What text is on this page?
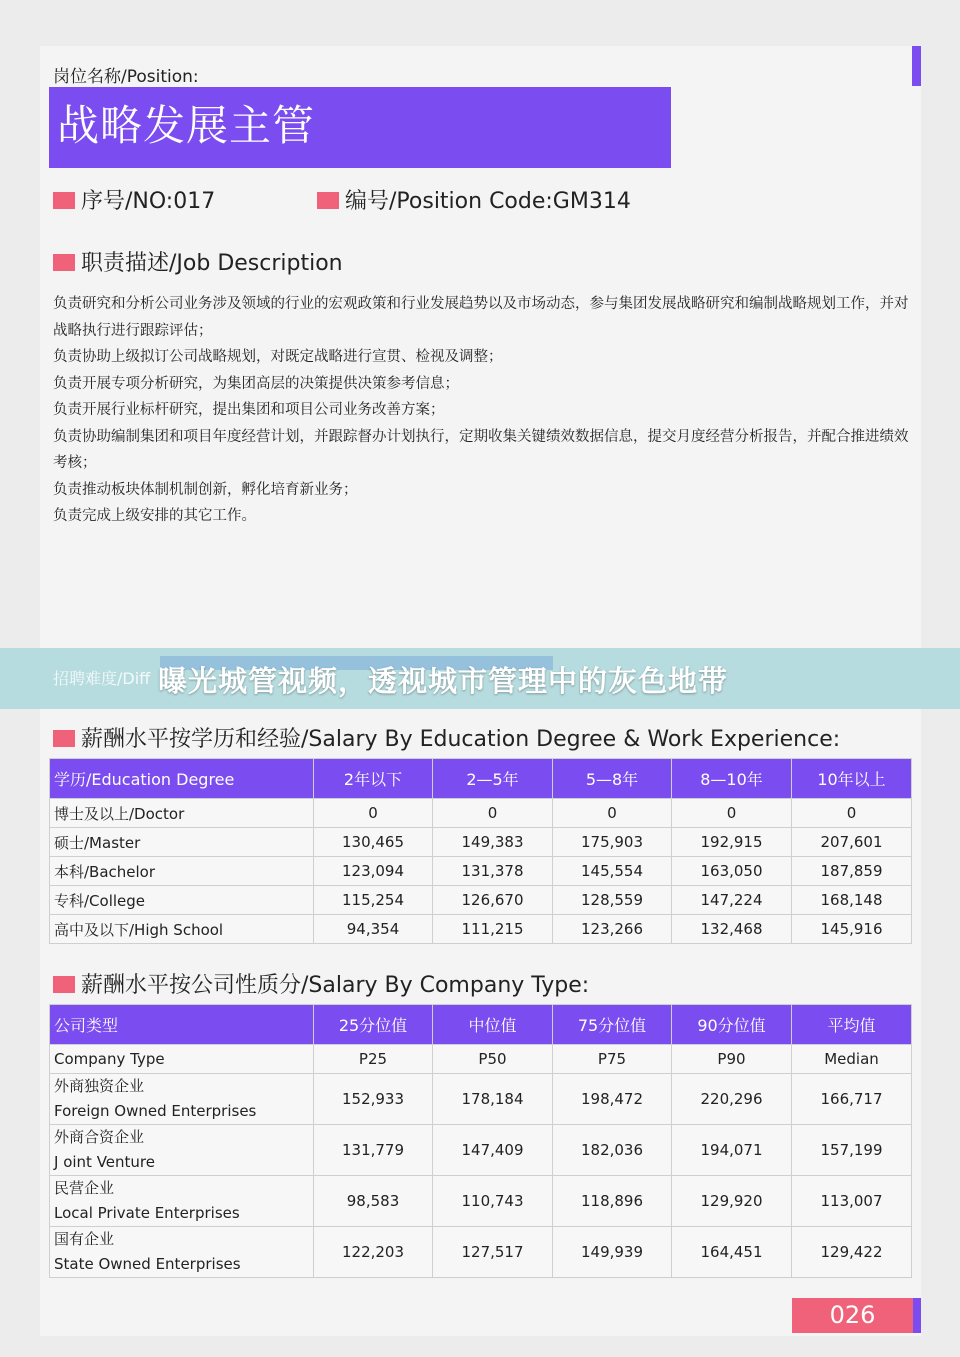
岗位名称/Position:
战略发展主管
序号/NO:017	编号/Position Code:GM314
职责描述/Job Description
负责研究和分析公司业务涉及领域的行业的宏观政策和行业发展趋势以及市场动态，参与集团发展战略研究和编制战略规划工作，并对战略执行进行跟踪评估；
负责协助上级拟订公司战略规划，对既定战略进行宣贯、检视及调整；
负责开展专项分析研究，为集团高层的决策提供决策参考信息；
负责开展行业标杆研究，提出集团和项目公司业务改善方案；
负责协助编制集团和项目年度经营计划，并跟踪督办计划执行，定期收集关键绩效数据信息，提交月度经营分析报告，并配合推进绩效考核；
负责推动板块体制机制创新，孵化培育新业务；
负责完成上级安排的其它工作。
招聘难度/Diff 曝光城管视频，透视城市管理中的灰色地带
薪酬水平按学历和经验/Salary By Education Degree & Work Experience:
学历/Education Degree	2年以下	2—5年	5—8年	8—10年	10年以上
博士及以上/Doctor	0	0	0	0	0
硕士/Master	130,465	149,383	175,903	192,915	207,601
本科/Bachelor	123,094	131,378	145,554	163,050	187,859
专科/College	115,254	126,670	128,559	147,224	168,148
高中及以下/High School	94,354	111,215	123,266	132,468	145,916
薪酬水平按公司性质分/Salary By Company Type:
公司类型	25分位值	中位值	75分位值	90分位值	平均值
Company Type	P25	P50	P75	P90	Median

外商独资企业
Foreign Owned Enterprises	152,933	178,184	198,472	220,296	166,717

外商合资企业
J oint Venture	131,779	147,409	182,036	194,071	157,199

民营企业
Local Private Enterprises	98,583	110,743	118,896	129,920	113,007

国有企业
State Owned Enterprises	122,203	127,517	149,939	164,451	129,422
026
